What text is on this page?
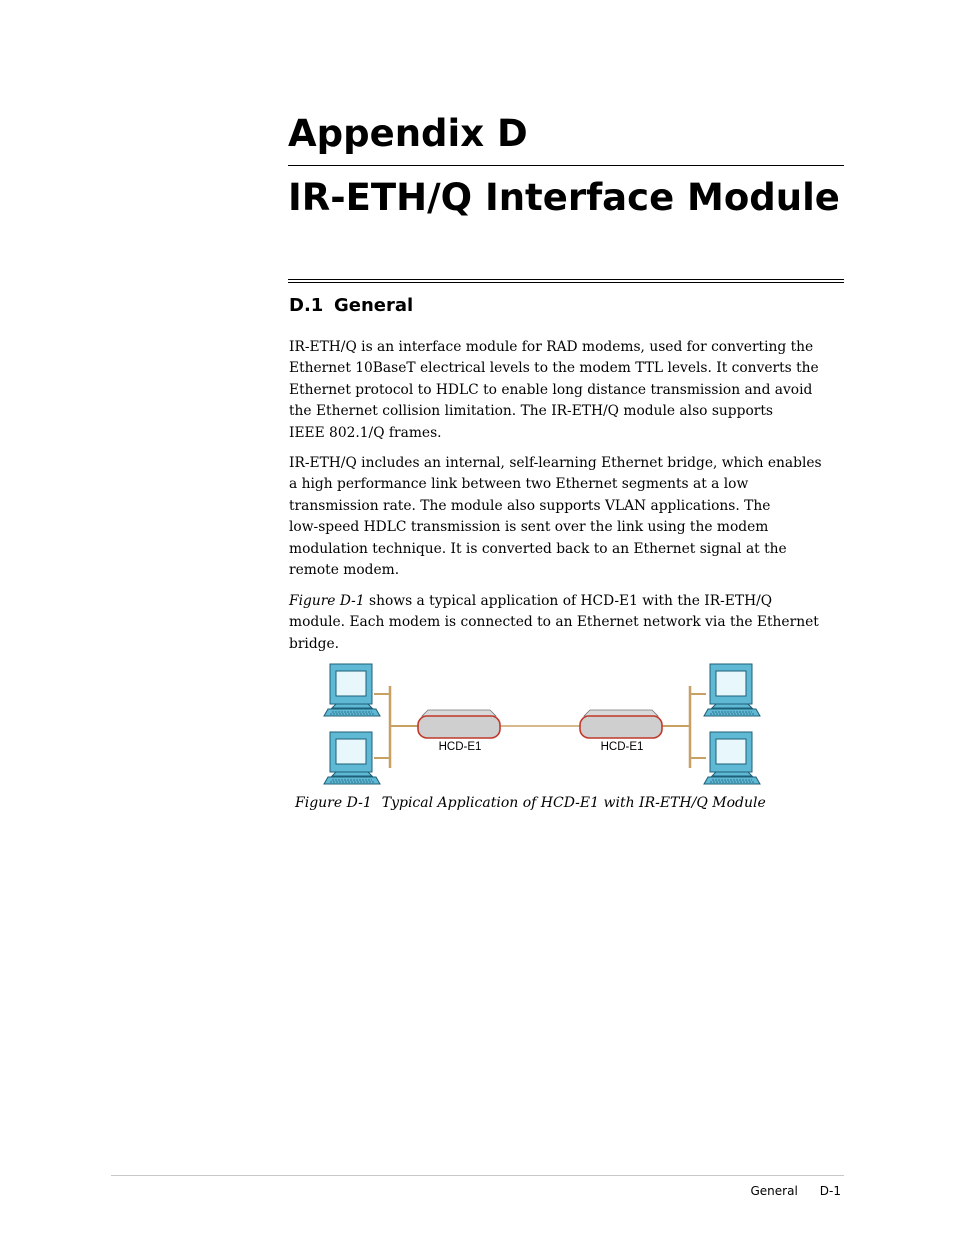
Appendix D
IR-ETH/Q Interface Module
D.1 General
IR-ETH/Q is an interface module for RAD modems, used for converting the
Ethernet 10BaseT electrical levels to the modem TTL levels. It converts the
Ethernet protocol to HDLC to enable long distance transmission and avoid
the Ethernet collision limitation. The IR-ETH/Q module also supports
IEEE 802.1/Q frames.
IR-ETH/Q includes an internal, self-learning Ethernet bridge, which enables
a high performance link between two Ethernet segments at a low
transmission rate. The module also supports VLAN applications. The
low-speed HDLC transmission is sent over the link using the modem
modulation technique. It is converted back to an Ethernet signal at the
remote modem.
Figure D-1 shows a typical application of HCD-E1 with the IR-ETH/Q
module. Each modem is connected to an Ethernet network via the Ethernet
bridge.
HCD-E1	HCD-E1
Figure D-1 Typical Application of HCD-E1 with IR-ETH/Q Module
General D-1
